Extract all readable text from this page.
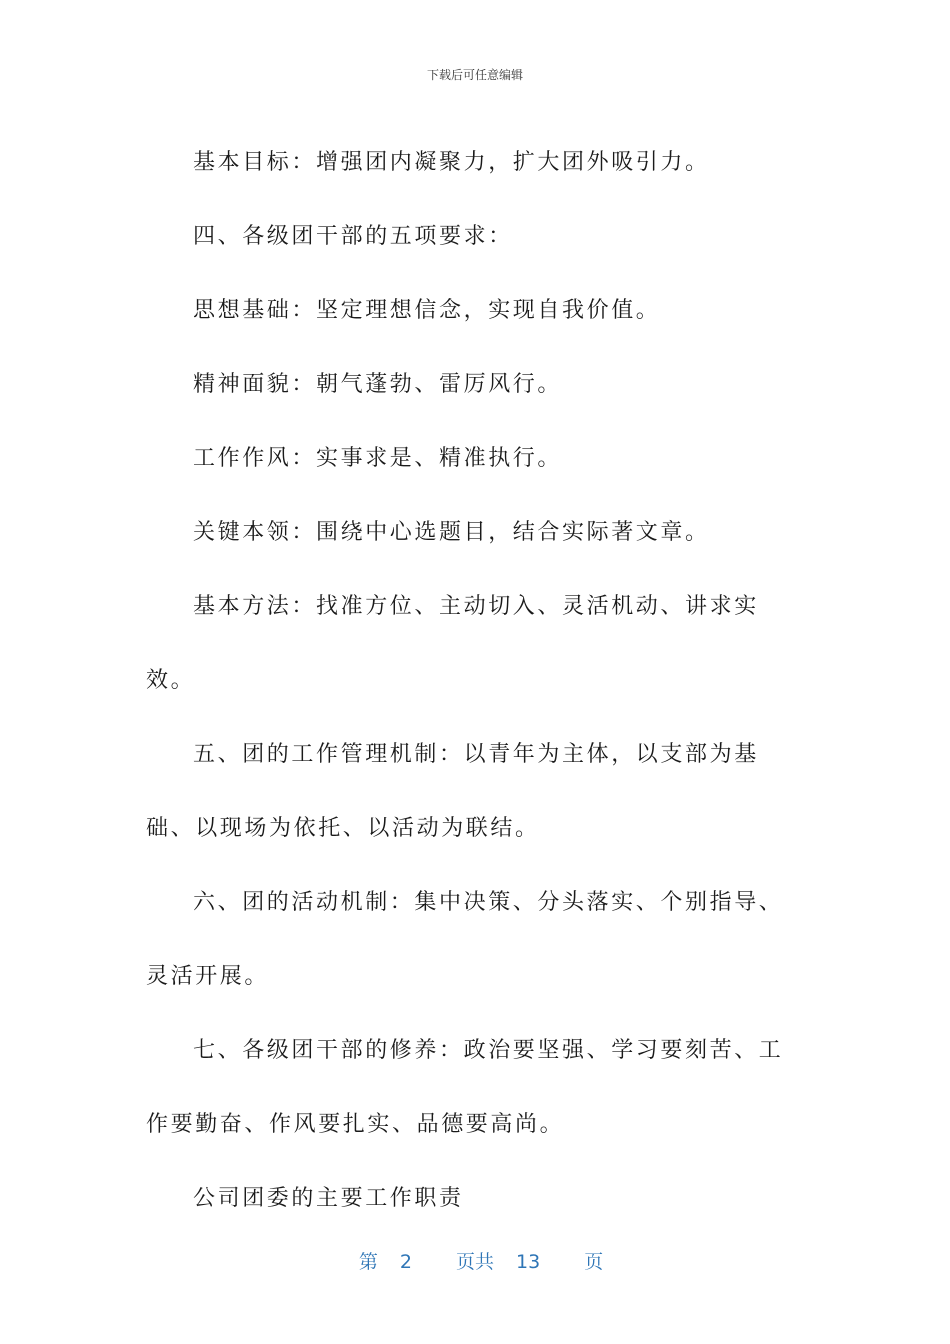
下载后可任意编辑

基本目标：增强团内凝聚力，扩大团外吸引力。

四、各级团干部的五项要求：

思想基础：坚定理想信念，实现自我价值。

精神面貌：朝气蓬勃、雷厉风行。

工作作风：实事求是、精准执行。

关键本领：围绕中心选题目，结合实际著文章。

基本方法：找准方位、主动切入、灵活机动、讲求实效。

五、团的工作管理机制：以青年为主体，以支部为基础、以现场为依托、以活动为联结。

六、团的活动机制：集中决策、分头落实、个别指导、灵活开展。

七、各级团干部的修养：政治要坚强、学习要刻苦、工作要勤奋、作风要扎实、品德要高尚。

公司团委的主要工作职责

第 2 页共 13 页
